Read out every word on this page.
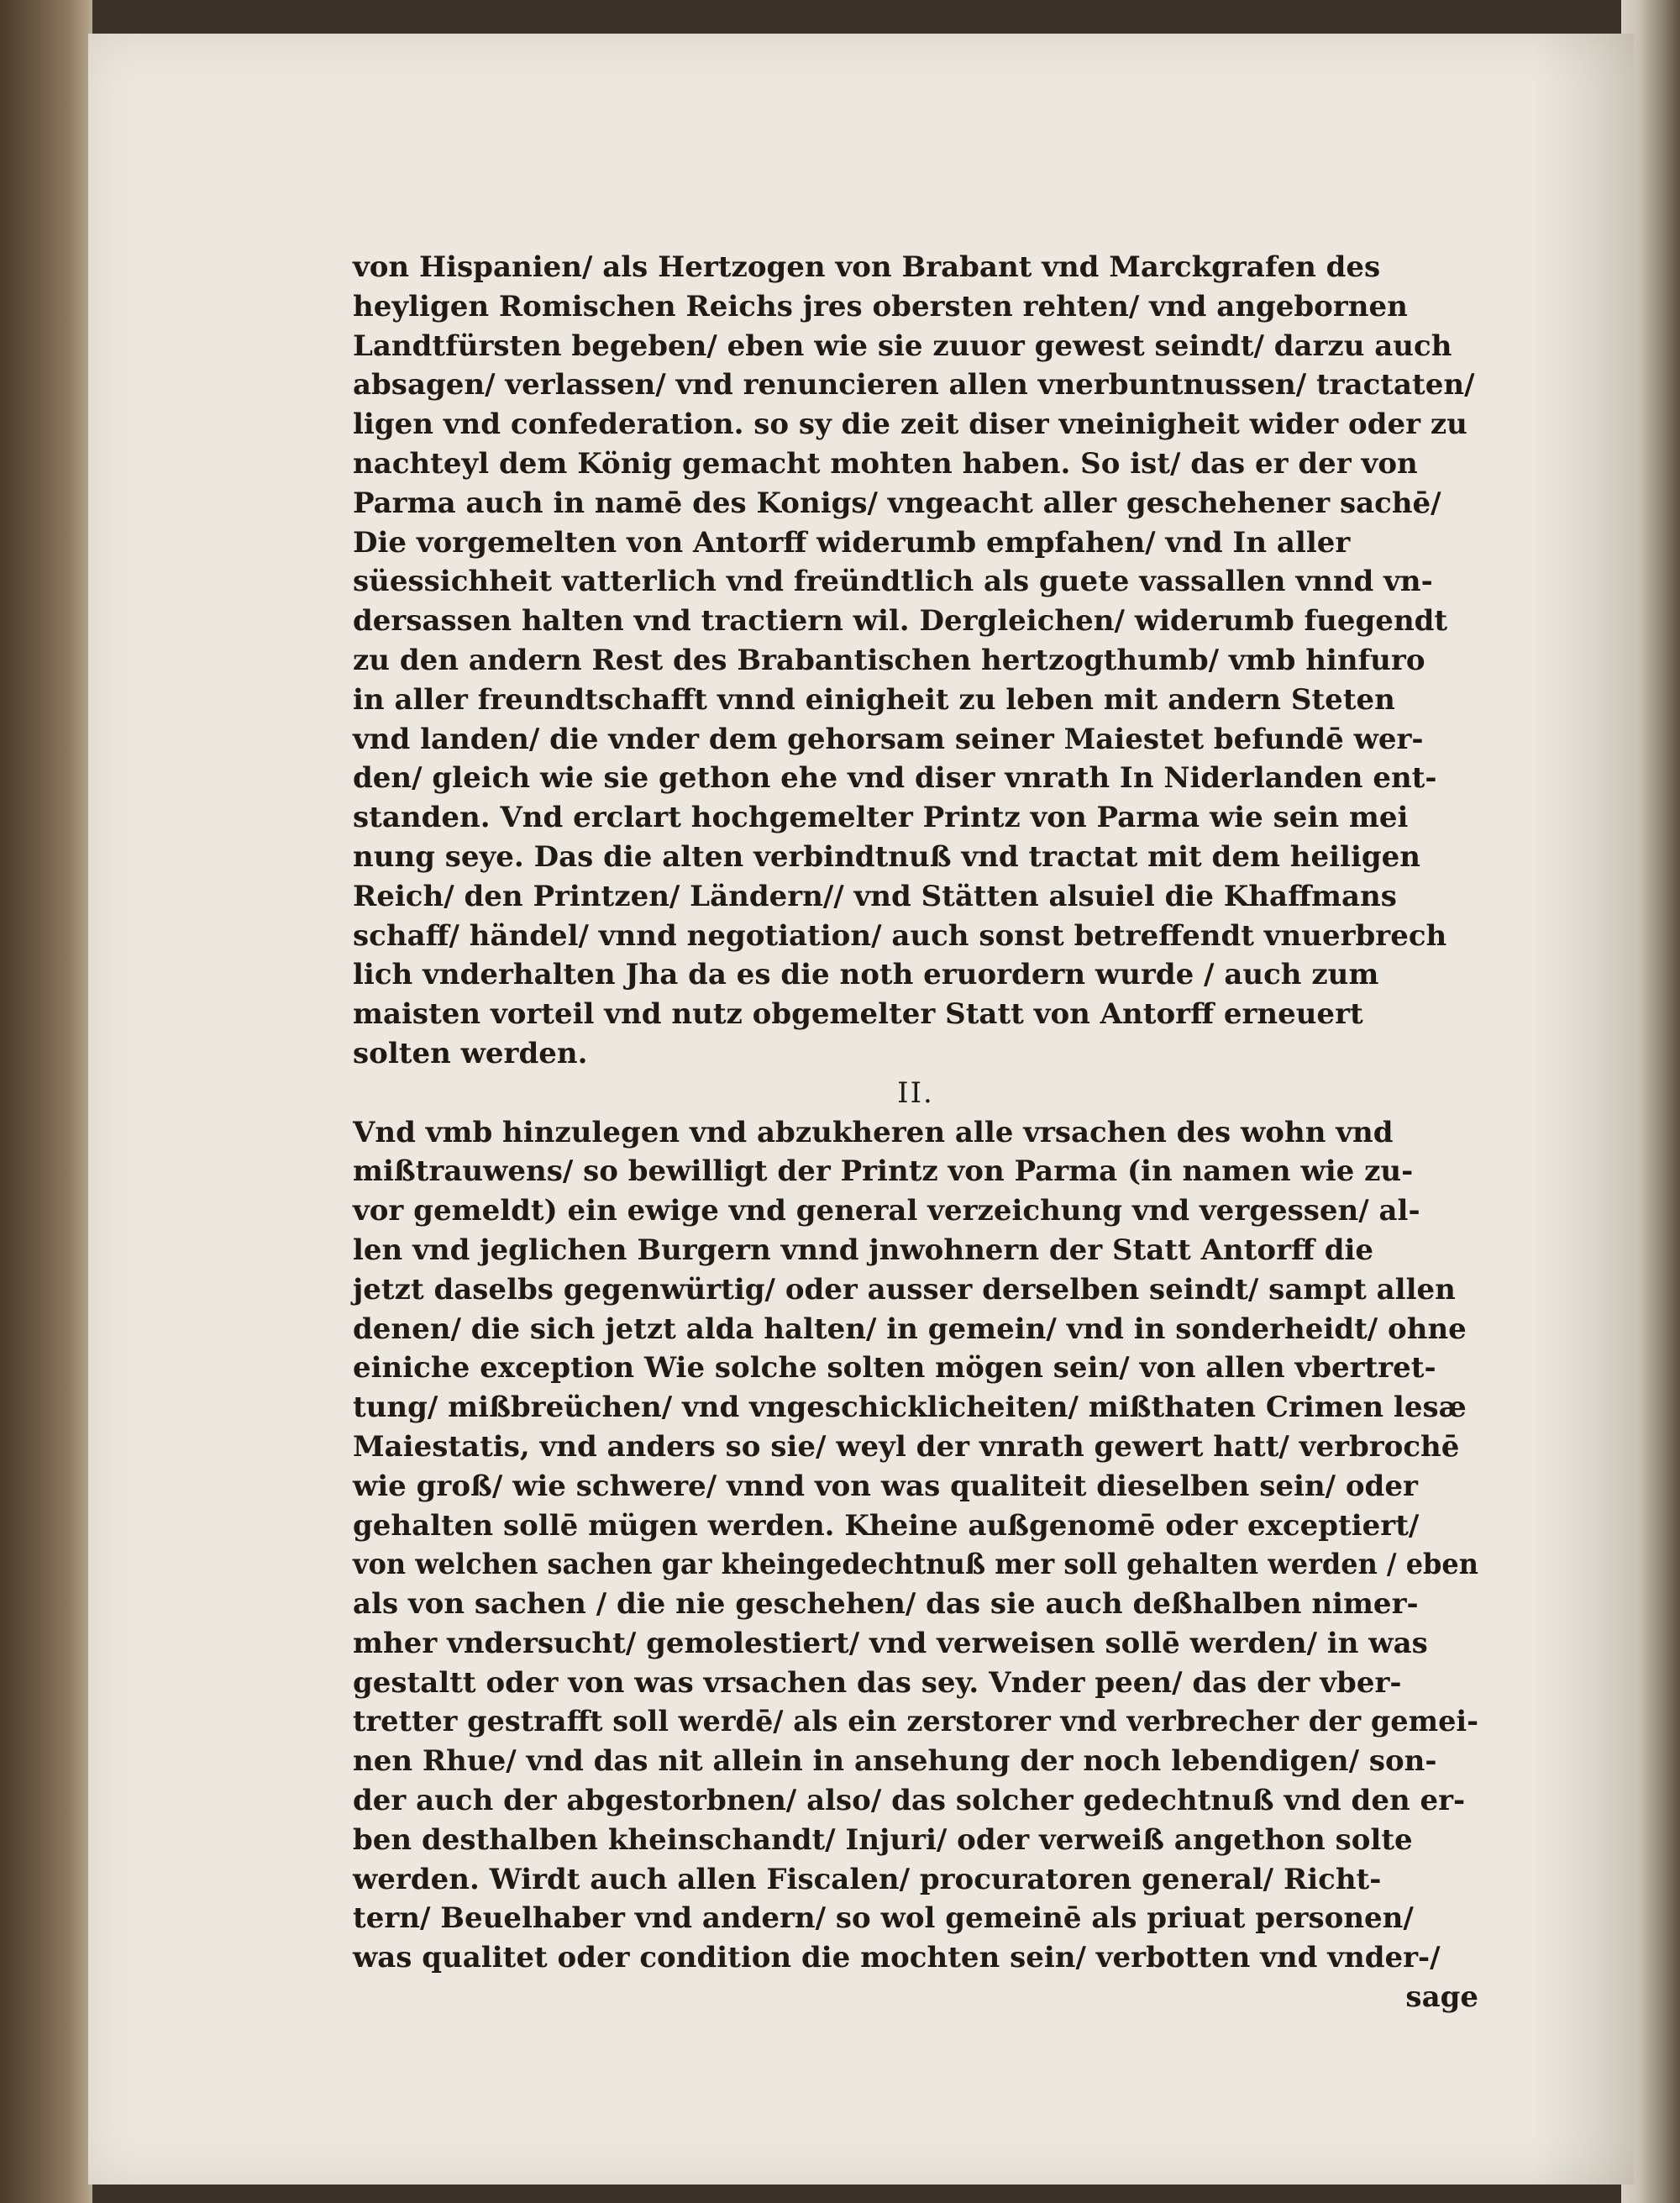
von Hispanien/ als Hertzogen von Brabant vnd Marckgrafen des
heyligen Romischen Reichs jres obersten rehten/ vnd angebornen
Landtfürsten begeben/ eben wie sie zuuor gewest seindt/ darzu auch
absagen/ verlassen/ vnd renuncieren allen vnerbuntnussen/ tractaten/
ligen vnd confederation. so sy die zeit diser vneinigheit wider oder zu
nachteyl dem König gemacht mohten haben. So ist/ das er der von
Parma auch in namē des Konigs/ vngeacht aller geschehener sachē/
Die vorgemelten von Antorff widerumb empfahen/ vnd In aller
süessichheit vatterlich vnd freündtlich als guete vassallen vnnd vn-
dersassen halten vnd tractiern wil. Dergleichen/ widerumb fuegendt
zu den andern Rest des Brabantischen hertzogthumb/ vmb hinfuro
in aller freundtschafft vnnd einigheit zu leben mit andern Steten
vnd landen/ die vnder dem gehorsam seiner Maiestet befundē wer-
den/ gleich wie sie gethon ehe vnd diser vnrath In Niderlanden ent-
standen. Vnd erclart hochgemelter Printz von Parma wie sein mei
nung seye. Das die alten verbindtnuß vnd tractat mit dem heiligen
Reich/ den Printzen/ Ländern// vnd Stätten alsuiel die Khaffmans
schaff/ händel/ vnnd negotiation/ auch sonst betreffendt vnuerbrech
lich vnderhalten Jha da es die noth eruordern wurde / auch zum
maisten vorteil vnd nutz obgemelter Statt von Antorff erneuert
solten werden.
II.
Vnd vmb hinzulegen vnd abzukheren alle vrsachen des wohn vnd
mißtrauwens/ so bewilligt der Printz von Parma (in namen wie zu-
vor gemeldt) ein ewige vnd general verzeichung vnd vergessen/ al-
len vnd jeglichen Burgern vnnd jnwohnern der Statt Antorff die
jetzt daselbs gegenwürtig/ oder ausser derselben seindt/ sampt allen
denen/ die sich jetzt alda halten/ in gemein/ vnd in sonderheidt/ ohne
einiche exception Wie solche solten mögen sein/ von allen vbertret-
tung/ mißbreüchen/ vnd vngeschicklicheiten/ mißthaten Crimen lesæ
Maiestatis, vnd anders so sie/ weyl der vnrath gewert hatt/ verbrochē
wie groß/ wie schwere/ vnnd von was qualiteit dieselben sein/ oder
gehalten sollē mügen werden. Kheine außgenomē oder exceptiert/
von welchen sachen gar kheingedechtnuß mer soll gehalten werden / eben
als von sachen / die nie geschehen/ das sie auch deßhalben nimer-
mher vndersucht/ gemolestiert/ vnd verweisen sollē werden/ in was
gestaltt oder von was vrsachen das sey. Vnder peen/ das der vber-
tretter gestrafft soll werdē/ als ein zerstorer vnd verbrecher der gemei-
nen Rhue/ vnd das nit allein in ansehung der noch lebendigen/ son-
der auch der abgestorbnen/ also/ das solcher gedechtnuß vnd den er-
ben desthalben kheinschandt/ Injuri/ oder verweiß angethon solte
werden. Wirdt auch allen Fiscalen/ procuratoren general/ Richt-
tern/ Beuelhaber vnd andern/ so wol gemeinē als priuat personen/
was qualitet oder condition die mochten sein/ verbotten vnd vnder-/
sage
